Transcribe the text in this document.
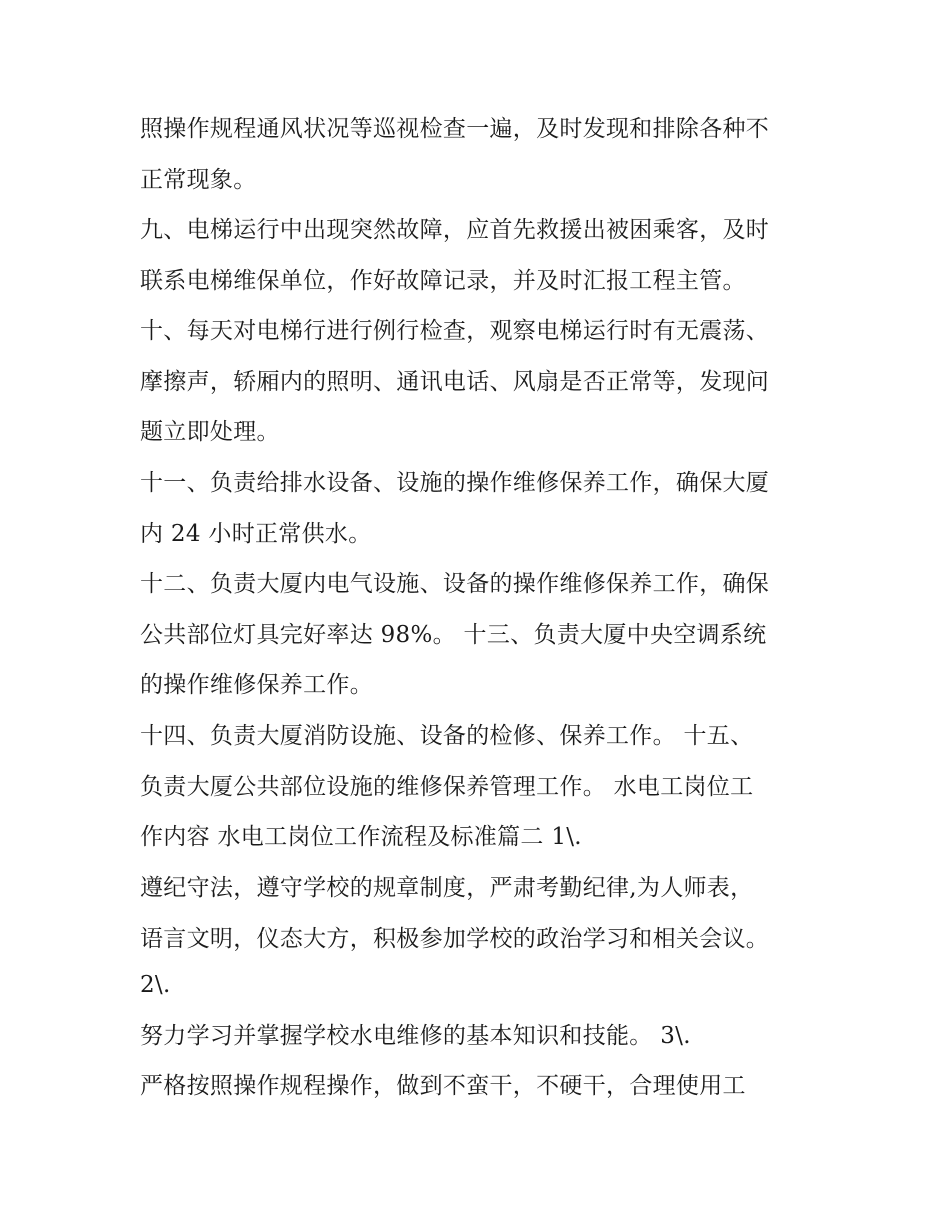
照操作规程通风状况等巡视检查一遍，及时发现和排除各种不

正常现象。

九、电梯运行中出现突然故障，应首先救援出被困乘客，及时

联系电梯维保单位，作好故障记录，并及时汇报工程主管。

十、每天对电梯行进行例行检查，观察电梯运行时有无震荡、

摩擦声，轿厢内的照明、通讯电话、风扇是否正常等，发现问

题立即处理。

十一、负责给排水设备、设施的操作维修保养工作，确保大厦

内 24 小时正常供水。

十二、负责大厦内电气设施、设备的操作维修保养工作，确保

公共部位灯具完好率达 98%。 十三、负责大厦中央空调系统

的操作维修保养工作。

十四、负责大厦消防设施、设备的检修、保养工作。 十五、

负责大厦公共部位设施的维修保养管理工作。 水电工岗位工

作内容 水电工岗位工作流程及标准篇二 1\.

遵纪守法，遵守学校的规章制度，严肃考勤纪律,为人师表，

语言文明，仪态大方，积极参加学校的政治学习和相关会议。

2\.

努力学习并掌握学校水电维修的基本知识和技能。 3\.

严格按照操作规程操作，做到不蛮干，不硬干，合理使用工
